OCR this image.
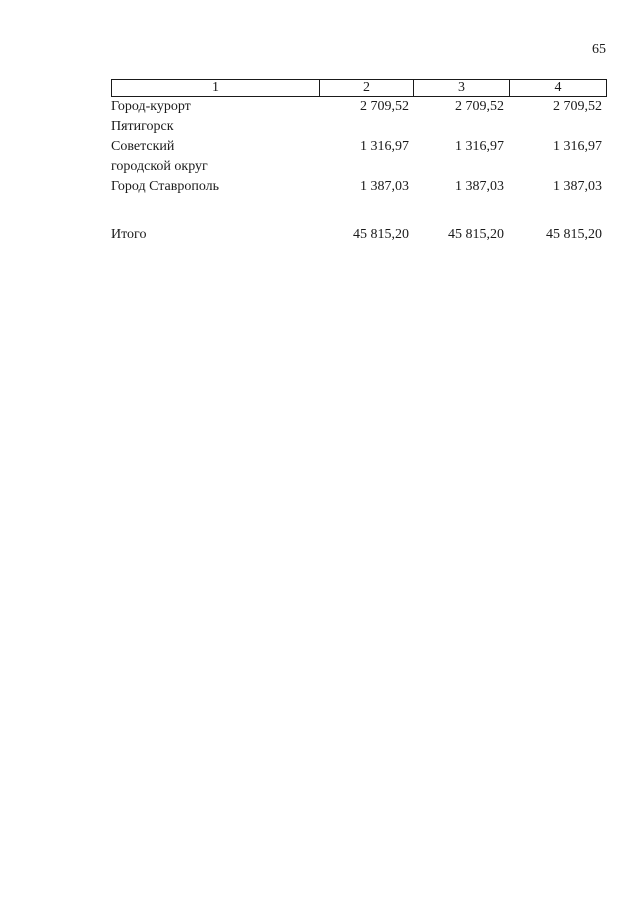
65
1	2	3	4
Город-курорт
Пятигорск
2 709,52	2 709,52	2 709,52
Советский
городской округ
1 316,97	1 316,97	1 316,97
Город Ставрополь	1 387,03	1 387,03	1 387,03
Итого	45 815,20	45 815,20	45 815,20
